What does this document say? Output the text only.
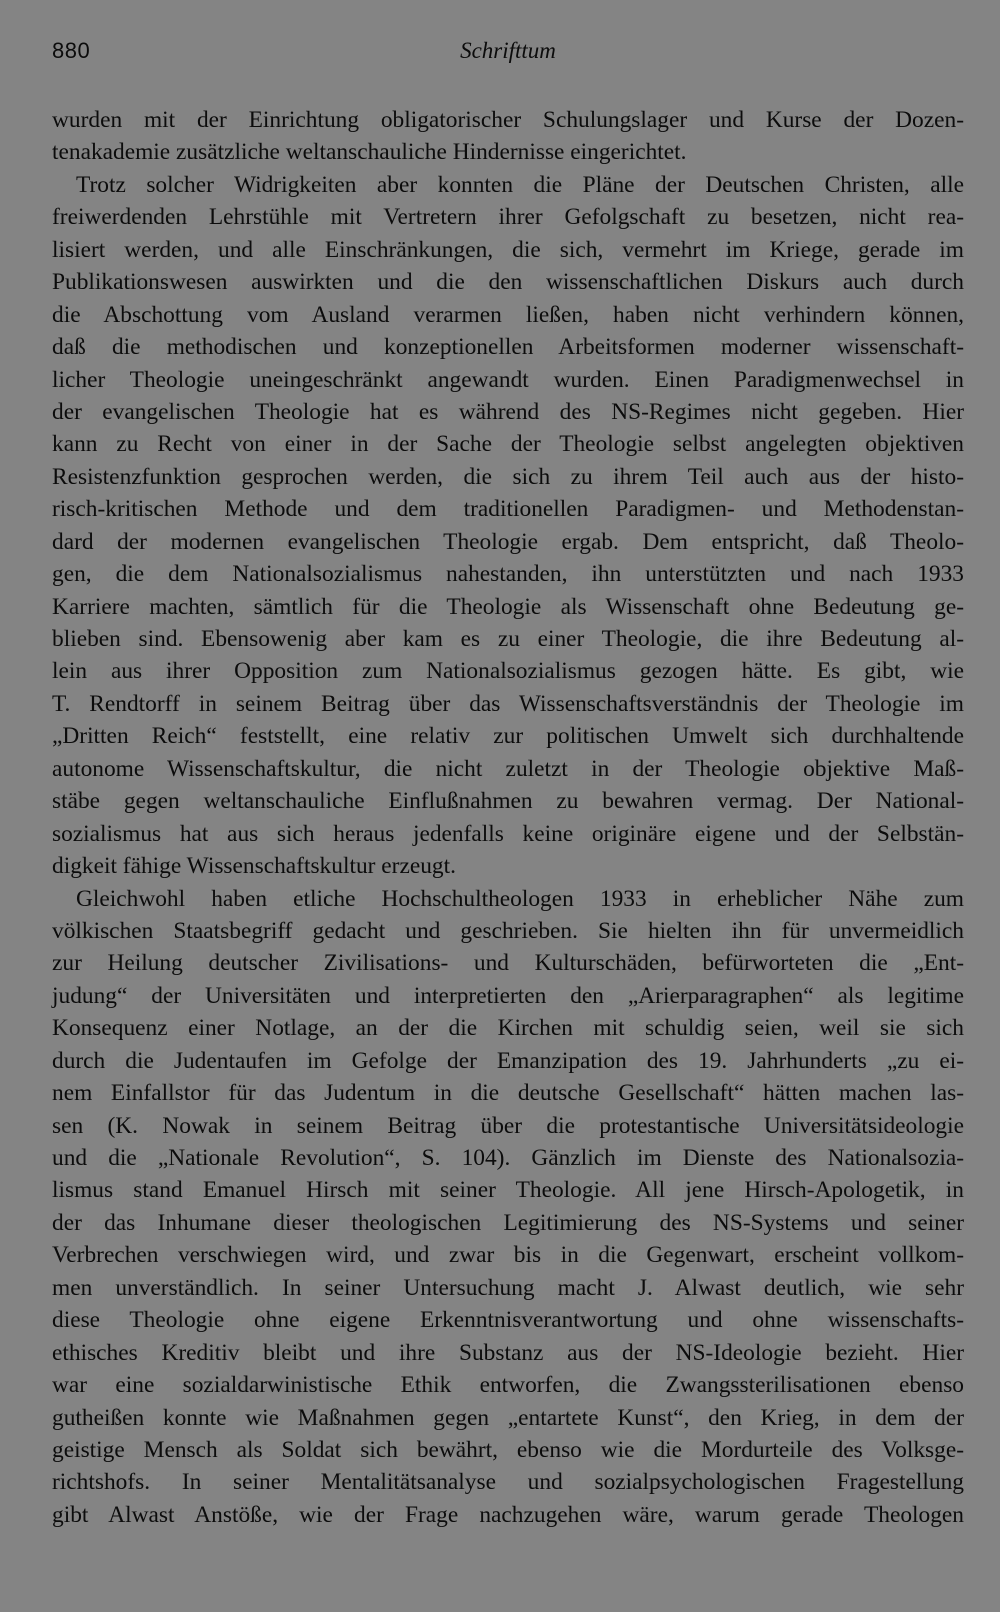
880	Schrifttum
wurden mit der Einrichtung obligatorischer Schulungslager und Kurse der Dozen-
tenakademie zusätzliche weltanschauliche Hindernisse eingerichtet.
Trotz solcher Widrigkeiten aber konnten die Pläne der Deutschen Christen, alle
freiwerdenden Lehrstühle mit Vertretern ihrer Gefolgschaft zu besetzen, nicht rea-
lisiert werden, und alle Einschränkungen, die sich, vermehrt im Kriege, gerade im
Publikationswesen auswirkten und die den wissenschaftlichen Diskurs auch durch
die Abschottung vom Ausland verarmen ließen, haben nicht verhindern können,
daß die methodischen und konzeptionellen Arbeitsformen moderner wissenschaft-
licher Theologie uneingeschränkt angewandt wurden. Einen Paradigmenwechsel in
der evangelischen Theologie hat es während des NS-Regimes nicht gegeben. Hier
kann zu Recht von einer in der Sache der Theologie selbst angelegten objektiven
Resistenzfunktion gesprochen werden, die sich zu ihrem Teil auch aus der histo-
risch-kritischen Methode und dem traditionellen Paradigmen- und Methodenstan-
dard der modernen evangelischen Theologie ergab. Dem entspricht, daß Theolo-
gen, die dem Nationalsozialismus nahestanden, ihn unterstützten und nach 1933
Karriere machten, sämtlich für die Theologie als Wissenschaft ohne Bedeutung ge-
blieben sind. Ebensowenig aber kam es zu einer Theologie, die ihre Bedeutung al-
lein aus ihrer Opposition zum Nationalsozialismus gezogen hätte. Es gibt, wie
T. Rendtorff in seinem Beitrag über das Wissenschaftsverständnis der Theologie im
„Dritten Reich“ feststellt, eine relativ zur politischen Umwelt sich durchhaltende
autonome Wissenschaftskultur, die nicht zuletzt in der Theologie objektive Maß-
stäbe gegen weltanschauliche Einflußnahmen zu bewahren vermag. Der National-
sozialismus hat aus sich heraus jedenfalls keine originäre eigene und der Selbstän-
digkeit fähige Wissenschaftskultur erzeugt.
Gleichwohl haben etliche Hochschultheologen 1933 in erheblicher Nähe zum
völkischen Staatsbegriff gedacht und geschrieben. Sie hielten ihn für unvermeidlich
zur Heilung deutscher Zivilisations- und Kulturschäden, befürworteten die „Ent-
judung“ der Universitäten und interpretierten den „Arierparagraphen“ als legitime
Konsequenz einer Notlage, an der die Kirchen mit schuldig seien, weil sie sich
durch die Judentaufen im Gefolge der Emanzipation des 19. Jahrhunderts „zu ei-
nem Einfallstor für das Judentum in die deutsche Gesellschaft“ hätten machen las-
sen (K. Nowak in seinem Beitrag über die protestantische Universitätsideologie
und die „Nationale Revolution“, S. 104). Gänzlich im Dienste des Nationalsozia-
lismus stand Emanuel Hirsch mit seiner Theologie. All jene Hirsch-Apologetik, in
der das Inhumane dieser theologischen Legitimierung des NS-Systems und seiner
Verbrechen verschwiegen wird, und zwar bis in die Gegenwart, erscheint vollkom-
men unverständlich. In seiner Untersuchung macht J. Alwast deutlich, wie sehr
diese Theologie ohne eigene Erkenntnisverantwortung und ohne wissenschafts-
ethisches Kreditiv bleibt und ihre Substanz aus der NS-Ideologie bezieht. Hier
war eine sozialdarwinistische Ethik entworfen, die Zwangssterilisationen ebenso
gutheißen konnte wie Maßnahmen gegen „entartete Kunst“, den Krieg, in dem der
geistige Mensch als Soldat sich bewährt, ebenso wie die Mordurteile des Volksge-
richtshofs. In seiner Mentalitätsanalyse und sozialpsychologischen Fragestellung
gibt Alwast Anstöße, wie der Frage nachzugehen wäre, warum gerade Theologen
